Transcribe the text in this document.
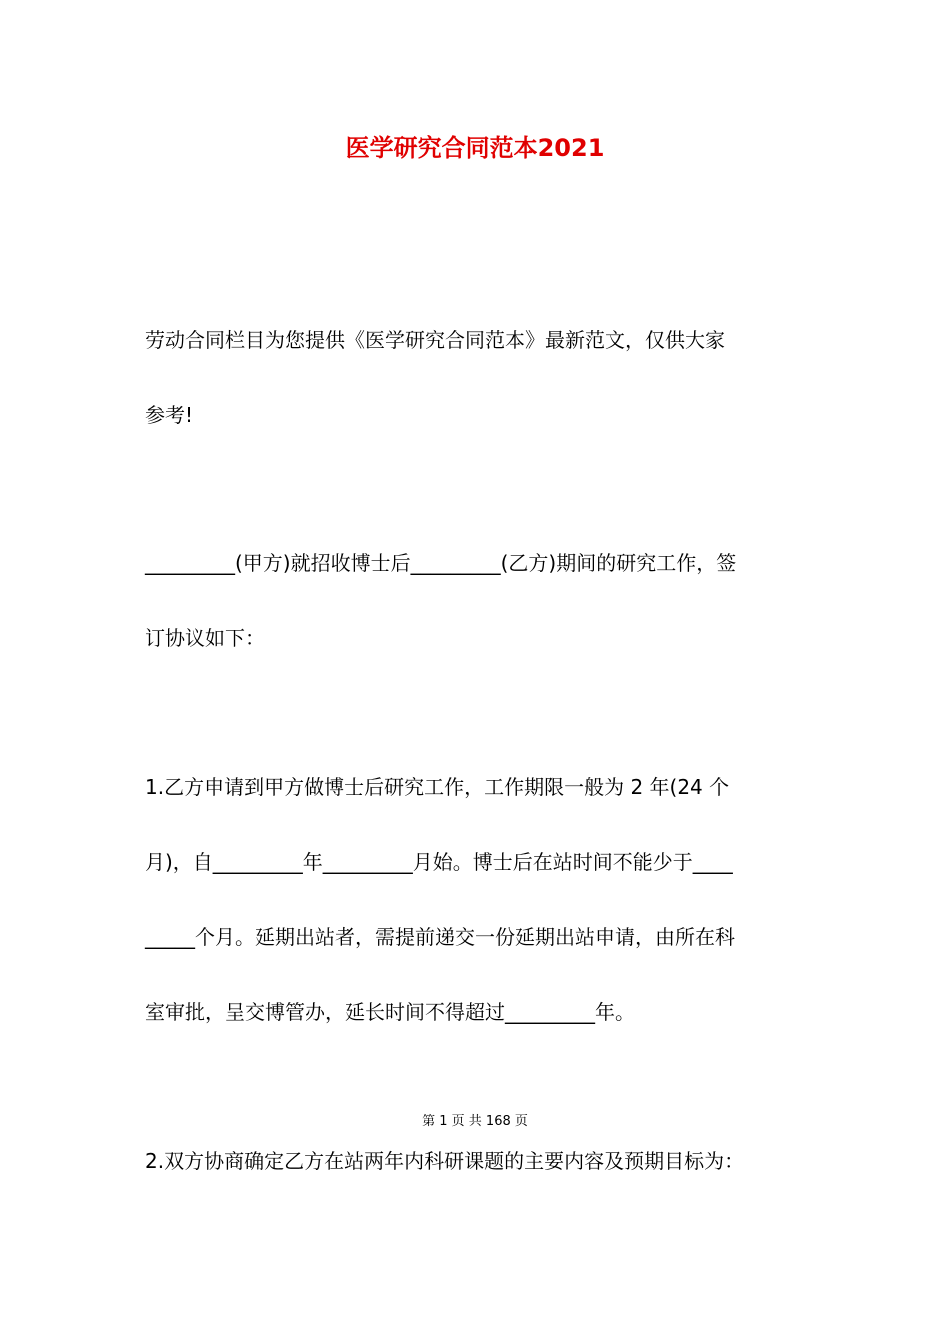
医学研究合同范本2021
劳动合同栏目为您提供《医学研究合同范本》最新范文，仅供大家
参考!
_________(甲方)就招收博士后_________(乙方)期间的研究工作，签
订协议如下：
1.乙方申请到甲方做博士后研究工作，工作期限一般为 2 年(24 个
月)，自_________年_________月始。博士后在站时间不能少于____
_____个月。延期出站者，需提前递交一份延期出站申请，由所在科
室审批，呈交博管办，延长时间不得超过_________年。
第 1 页 共 168 页
2.双方协商确定乙方在站两年内科研课题的主要内容及预期目标为：
